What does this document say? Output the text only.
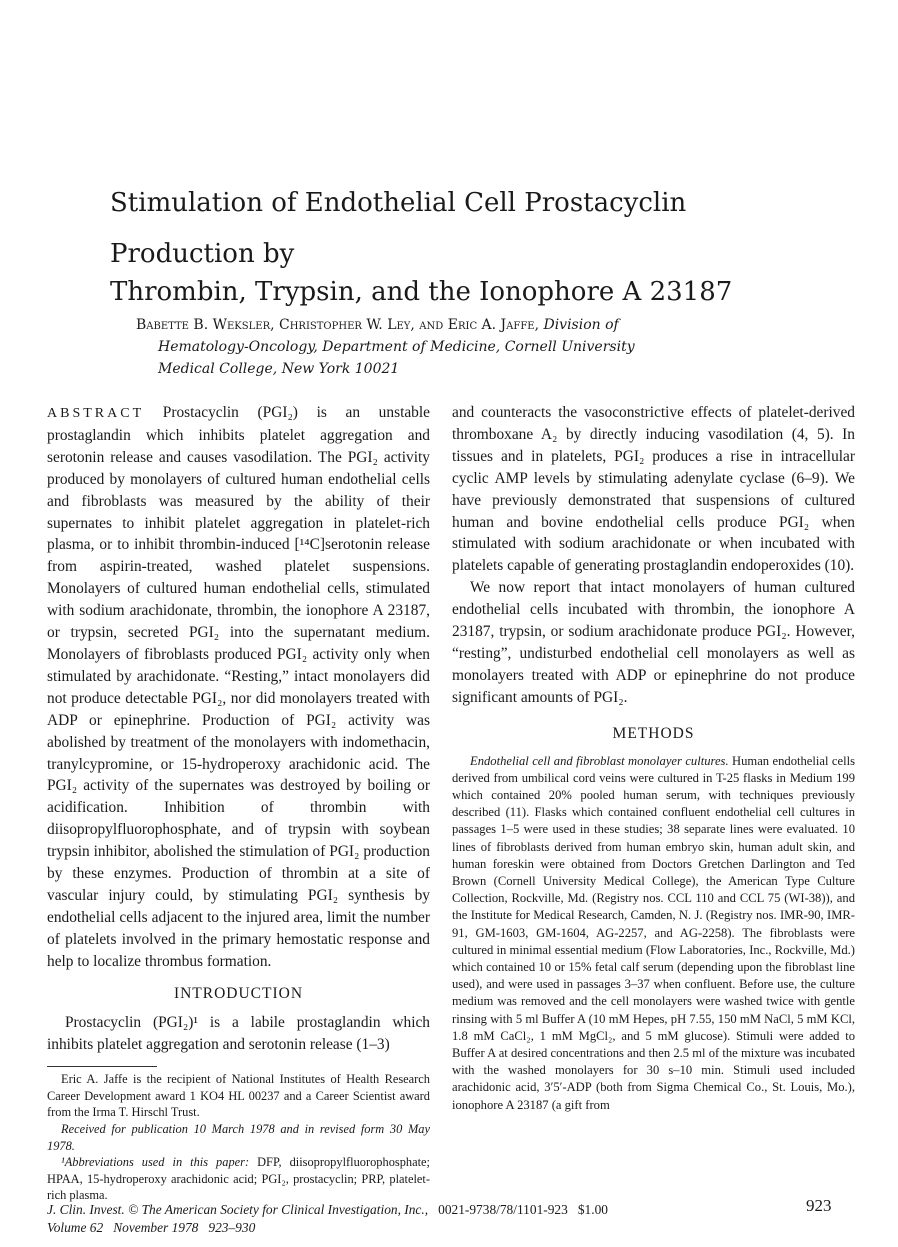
Stimulation of Endothelial Cell Prostacyclin
Production by
Thrombin, Trypsin, and the Ionophore A 23187
Babette B. Weksler, Christopher W. Ley, and Eric A. Jaffe, Division of
Hematology-Oncology, Department of Medicine, Cornell University
Medical College, New York 10021

ABSTRACT Prostacyclin (PGI₂) is an unstable prostaglandin which inhibits platelet aggregation and serotonin release and causes vasodilation. The PGI₂ activity produced by monolayers of cultured human endothelial cells and fibroblasts was measured by the ability of their supernates to inhibit platelet aggregation in platelet-rich plasma, or to inhibit thrombin-induced [¹⁴C]serotonin release from aspirin-treated, washed platelet suspensions. Monolayers of cultured human endothelial cells, stimulated with sodium arachidonate, thrombin, the ionophore A 23187, or trypsin, secreted PGI₂ into the supernatant medium. Monolayers of fibroblasts produced PGI₂ activity only when stimulated by arachidonate. “Resting,” intact monolayers did not produce detectable PGI₂, nor did monolayers treated with ADP or epinephrine. Production of PGI₂ activity was abolished by treatment of the monolayers with indomethacin, tranylcypromine, or 15-hydroperoxy arachidonic acid. The PGI₂ activity of the supernates was destroyed by boiling or acidification. Inhibition of thrombin with diisopropylfluorophosphate, and of trypsin with soybean trypsin inhibitor, abolished the stimulation of PGI₂ production by these enzymes. Production of thrombin at a site of vascular injury could, by stimulating PGI₂ synthesis by endothelial cells adjacent to the injured area, limit the number of platelets involved in the primary hemostatic response and help to localize thrombus formation.

INTRODUCTION

Prostacyclin (PGI₂)¹ is a labile prostaglandin which inhibits platelet aggregation and serotonin release (1–3)

Eric A. Jaffe is the recipient of National Institutes of Health Research Career Development award 1 KO4 HL 00237 and a Career Scientist award from the Irma T. Hirschl Trust.

Received for publication 10 March 1978 and in revised form 30 May 1978.

¹Abbreviations used in this paper: DFP, diisopropylfluorophosphate; HPAA, 15-hydroperoxy arachidonic acid; PGI₂, prostacyclin; PRP, platelet-rich plasma.

and counteracts the vasoconstrictive effects of platelet-derived thromboxane A₂ by directly inducing vasodilation (4, 5). In tissues and in platelets, PGI₂ produces a rise in intracellular cyclic AMP levels by stimulating adenylate cyclase (6–9). We have previously demonstrated that suspensions of cultured human and bovine endothelial cells produce PGI₂ when stimulated with sodium arachidonate or when incubated with platelets capable of generating prostaglandin endoperoxides (10).

We now report that intact monolayers of human cultured endothelial cells incubated with thrombin, the ionophore A 23187, trypsin, or sodium arachidonate produce PGI₂. However, “resting”, undisturbed endothelial cell monolayers as well as monolayers treated with ADP or epinephrine do not produce significant amounts of PGI₂.

METHODS

Endothelial cell and fibroblast monolayer cultures. Human endothelial cells derived from umbilical cord veins were cultured in T-25 flasks in Medium 199 which contained 20% pooled human serum, with techniques previously described (11). Flasks which contained confluent endothelial cell cultures in passages 1–5 were used in these studies; 38 separate lines were evaluated. 10 lines of fibroblasts derived from human embryo skin, human adult skin, and human foreskin were obtained from Doctors Gretchen Darlington and Ted Brown (Cornell University Medical College), the American Type Culture Collection, Rockville, Md. (Registry nos. CCL 110 and CCL 75 (WI-38)), and the Institute for Medical Research, Camden, N. J. (Registry nos. IMR-90, IMR-91, GM-1603, GM-1604, AG-2257, and AG-2258). The fibroblasts were cultured in minimal essential medium (Flow Laboratories, Inc., Rockville, Md.) which contained 10 or 15% fetal calf serum (depending upon the fibroblast line used), and were used in passages 3–37 when confluent. Before use, the culture medium was removed and the cell monolayers were washed twice with gentle rinsing with 5 ml Buffer A (10 mM Hepes, pH 7.55, 150 mM NaCl, 5 mM KCl, 1.8 mM CaCl₂, 1 mM MgCl₂, and 5 mM glucose). Stimuli were added to Buffer A at desired concentrations and then 2.5 ml of the mixture was incubated with the washed monolayers for 30 s–10 min. Stimuli used included arachidonic acid, 3′5′-ADP (both from Sigma Chemical Co., St. Louis, Mo.), ionophore A 23187 (a gift from

J. Clin. Invest. © The American Society for Clinical Investigation, Inc., 0021-9738/78/1101-923 $1.00
Volume 62   November 1978   923–930
923
